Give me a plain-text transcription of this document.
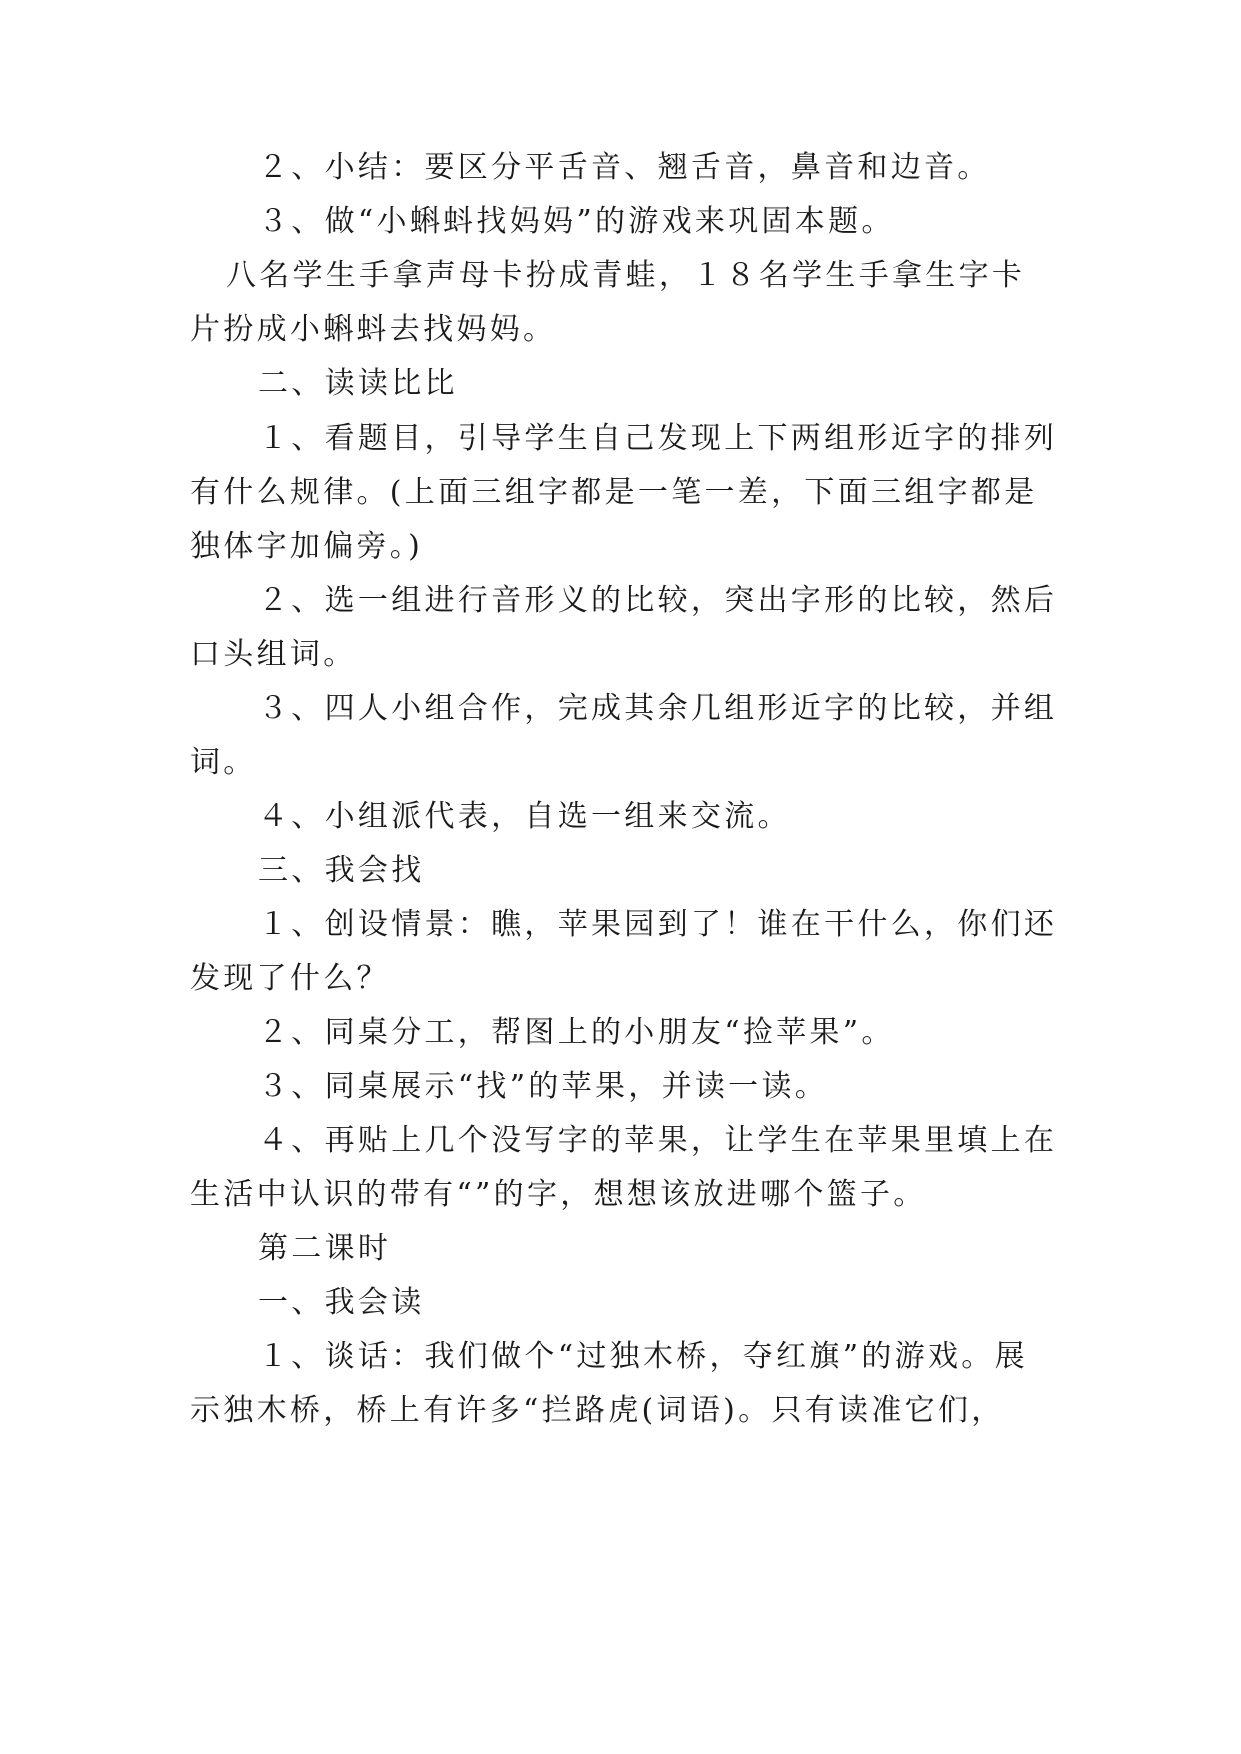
２、小结：要区分平舌音、翘舌音，鼻音和边音。
３、做“小蝌蚪找妈妈”的游戏来巩固本题。
八名学生手拿声母卡扮成青蛙，１８名学生手拿生字卡
片扮成小蝌蚪去找妈妈。
二、读读比比
１、看题目，引导学生自己发现上下两组形近字的排列
有什么规律。(上面三组字都是一笔一差，下面三组字都是
独体字加偏旁。)
２、选一组进行音形义的比较，突出字形的比较，然后
口头组词。
３、四人小组合作，完成其余几组形近字的比较，并组
词。
４、小组派代表，自选一组来交流。
三、我会找
１、创设情景：瞧，苹果园到了！谁在干什么，你们还
发现了什么？
２、同桌分工，帮图上的小朋友“捡苹果”。
３、同桌展示“找”的苹果，并读一读。
４、再贴上几个没写字的苹果，让学生在苹果里填上在
生活中认识的带有“”的字，想想该放进哪个篮子。
第二课时
一、我会读
１、谈话：我们做个“过独木桥，夺红旗”的游戏。展
示独木桥，桥上有许多“拦路虎(词语)。只有读准它们，
